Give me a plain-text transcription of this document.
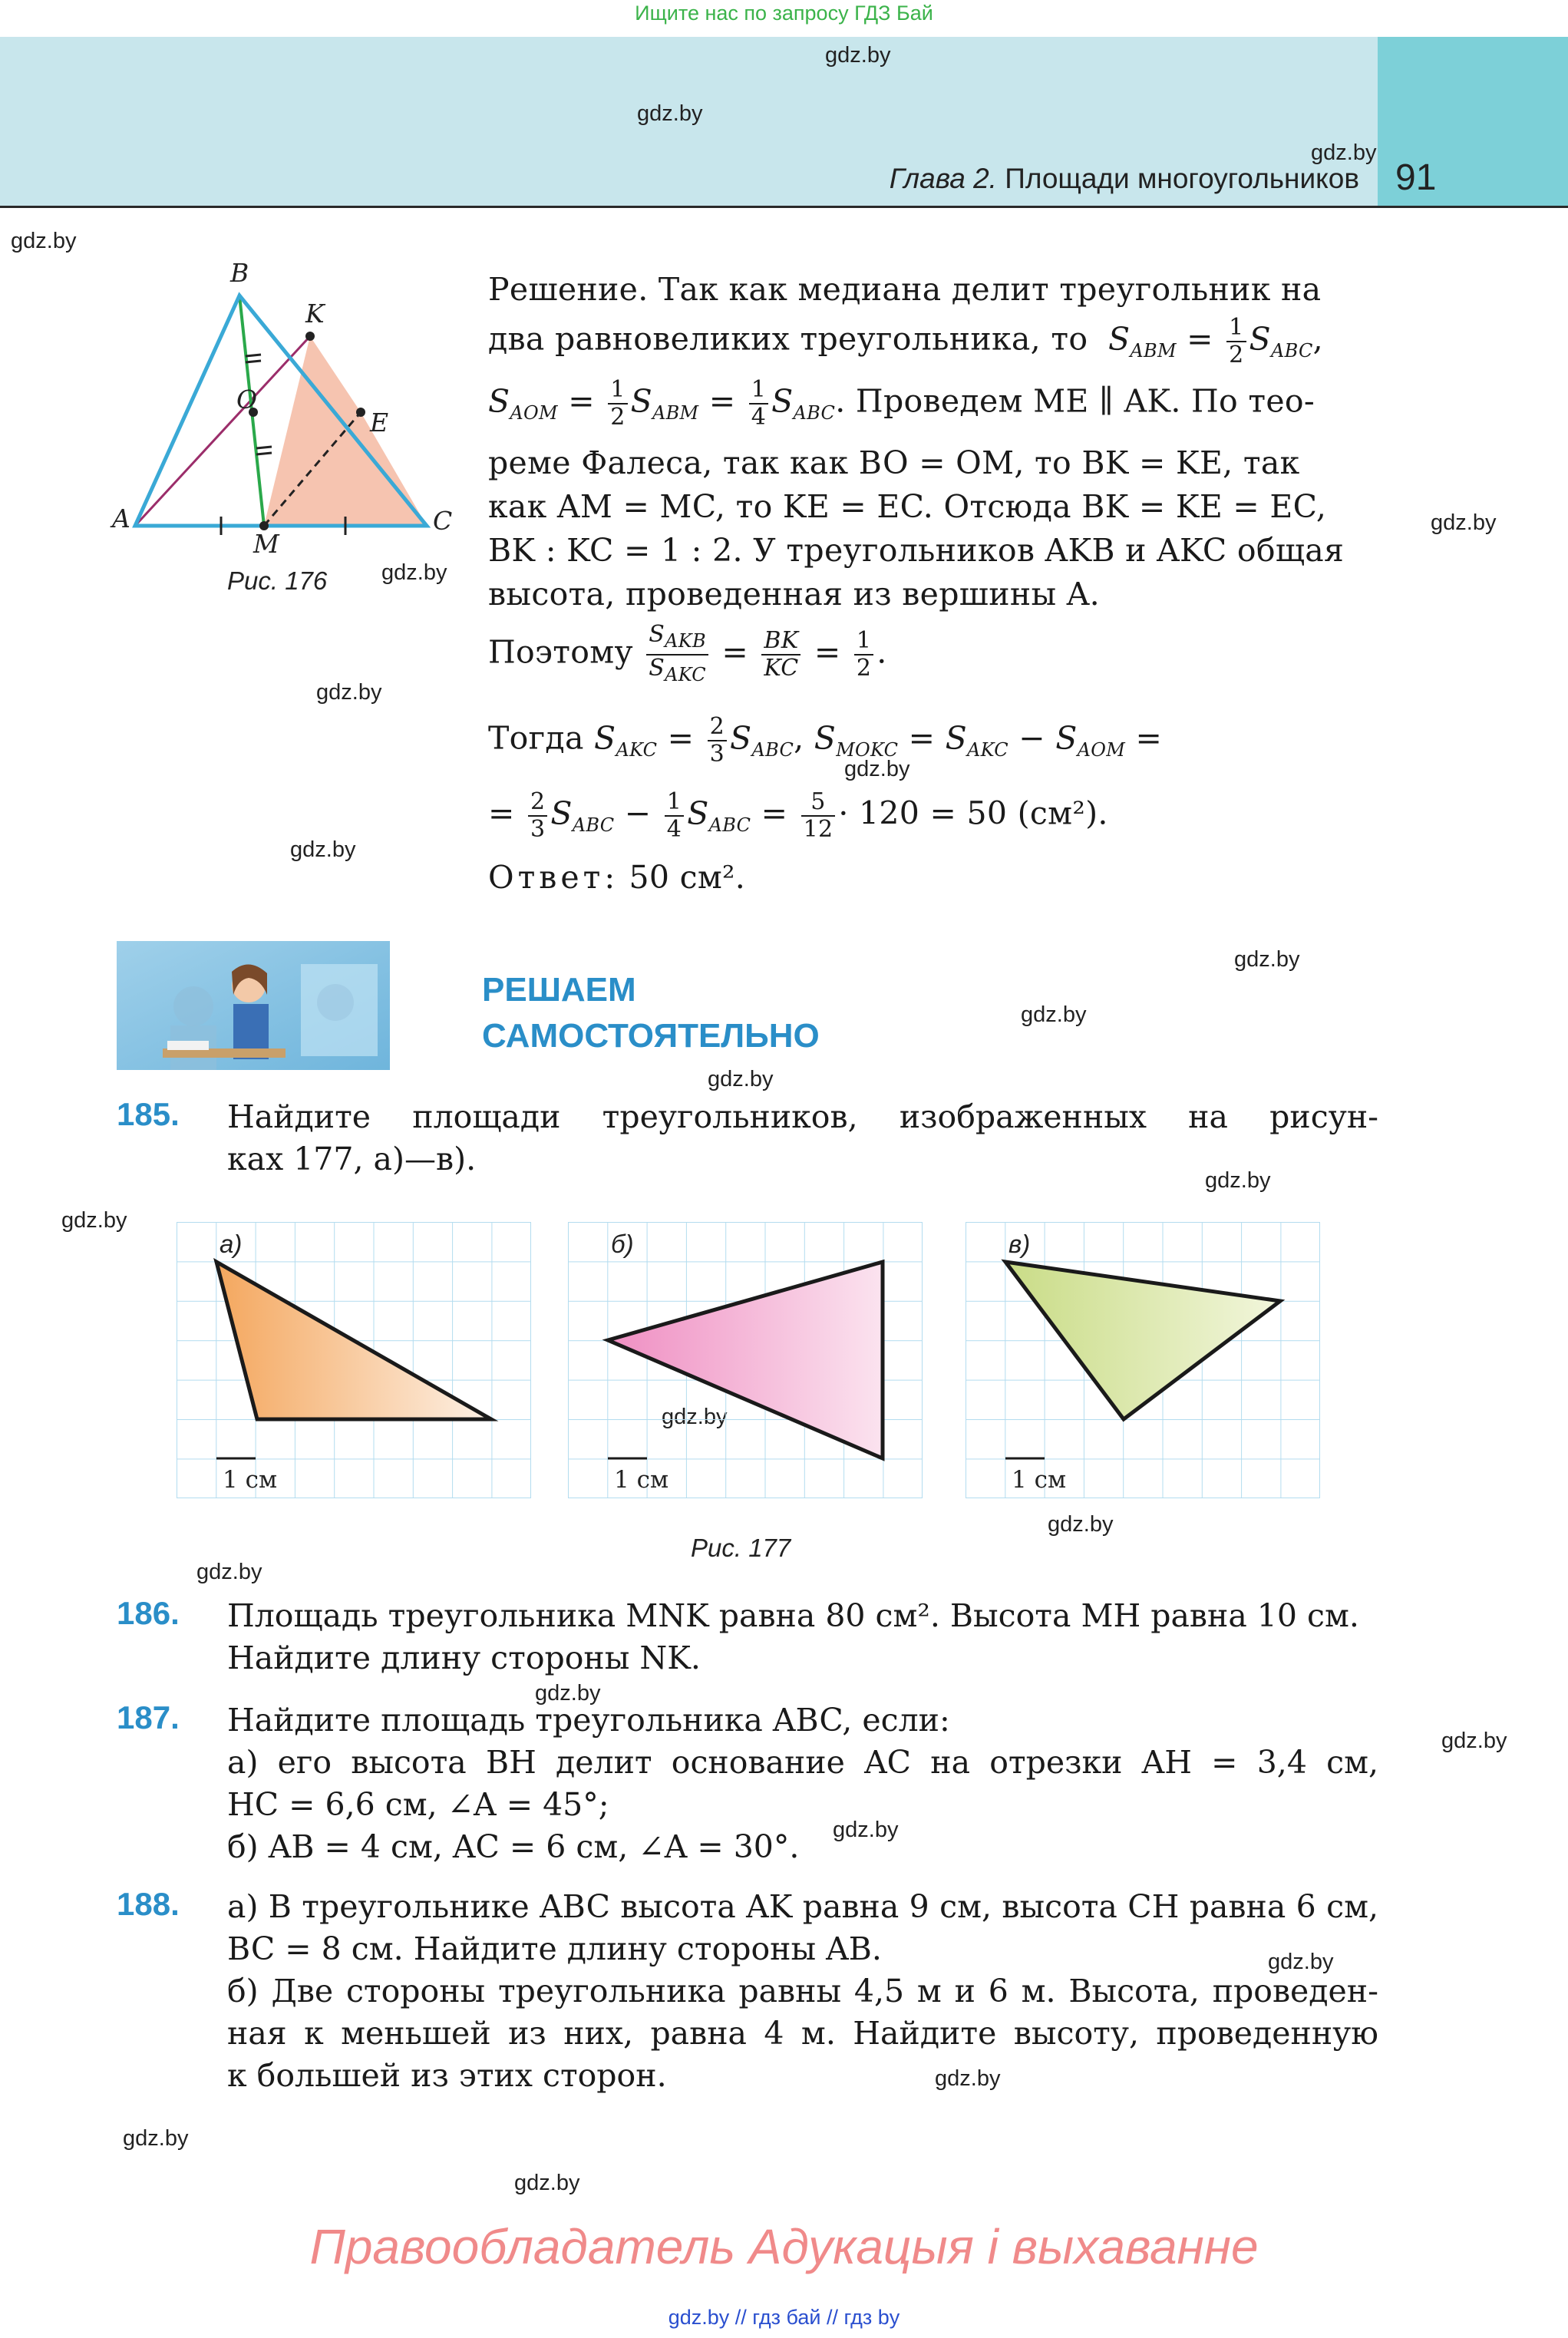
Ищите нас по запросу ГДЗ Бай
Глава 2. Площади многоугольников 91
gdz.by
gdz.by
gdz.by
gdz.by
gdz.by
gdz.by
gdz.by
gdz.by
gdz.by
gdz.by
gdz.by
gdz.by
gdz.by
gdz.by
gdz.by
gdz.by
gdz.by
gdz.by
gdz.by
gdz.by
gdz.by
gdz.by
gdz.by
B
K
O
E
A
M
C
Рис. 176
Решение. Так как медиана делит треугольник на
два равновеликих треугольника, то $S_{ABM} = \frac{1}{2} S_{ABC}$,
$S_{AOM} = \frac{1}{2} S_{ABM} = \frac{1}{4} S_{ABC}$. Проведем ME ∥ AK. По тео-
реме Фалеса, так как BO = OM, то BK = KE, так
как AM = MC, то KE = EC. Отсюда BK = KE = EC,
BK : KC = 1 : 2. У треугольников AKB и AKC общая
высота, проведенная из вершины A.
Поэтому $\frac{S_{AKB}}{S_{AKC}} = \frac{BK}{KC} = \frac{1}{2}$ .
Тогда $S_{AKC} = \frac{2}{3} S_{ABC}$, $S_{MOKC} = S_{AKC} - S_{AOM}$ =
= $\frac{2}{3} S_{ABC} - \frac{1}{4} S_{ABC} = \frac{5}{12} \cdot 120 = 50$ (см²).
Ответ: 50 см².
РЕШАЕМ
САМОСТОЯТЕЛЬНО
185. Найдите площади треугольников, изображенных на рисун-
ках 177, а)—в).
1 см
а)
1 см
б)
1 см
в)
Рис. 177
186. Площадь треугольника MNK равна 80 см². Высота MH равна 10 см.
Найдите длину стороны NK.
187. Найдите площадь треугольника ABC, если:
а) его высота BH делит основание AC на отрезки AH = 3,4 см,
HC = 6,6 см, ∠A = 45°;
б) AB = 4 см, AC = 6 см, ∠A = 30°.
188. а) В треугольнике ABC высота AK равна 9 см, высота CH равна 6 см,
BC = 8 см. Найдите длину стороны AB.
б) Две стороны треугольника равны 4,5 м и 6 м. Высота, проведен-
ная к меньшей из них, равна 4 м. Найдите высоту, проведенную
к большей из этих сторон.
Правообладатель Адукацыя і выхаванне
gdz.by // гдз бай // гдз by
